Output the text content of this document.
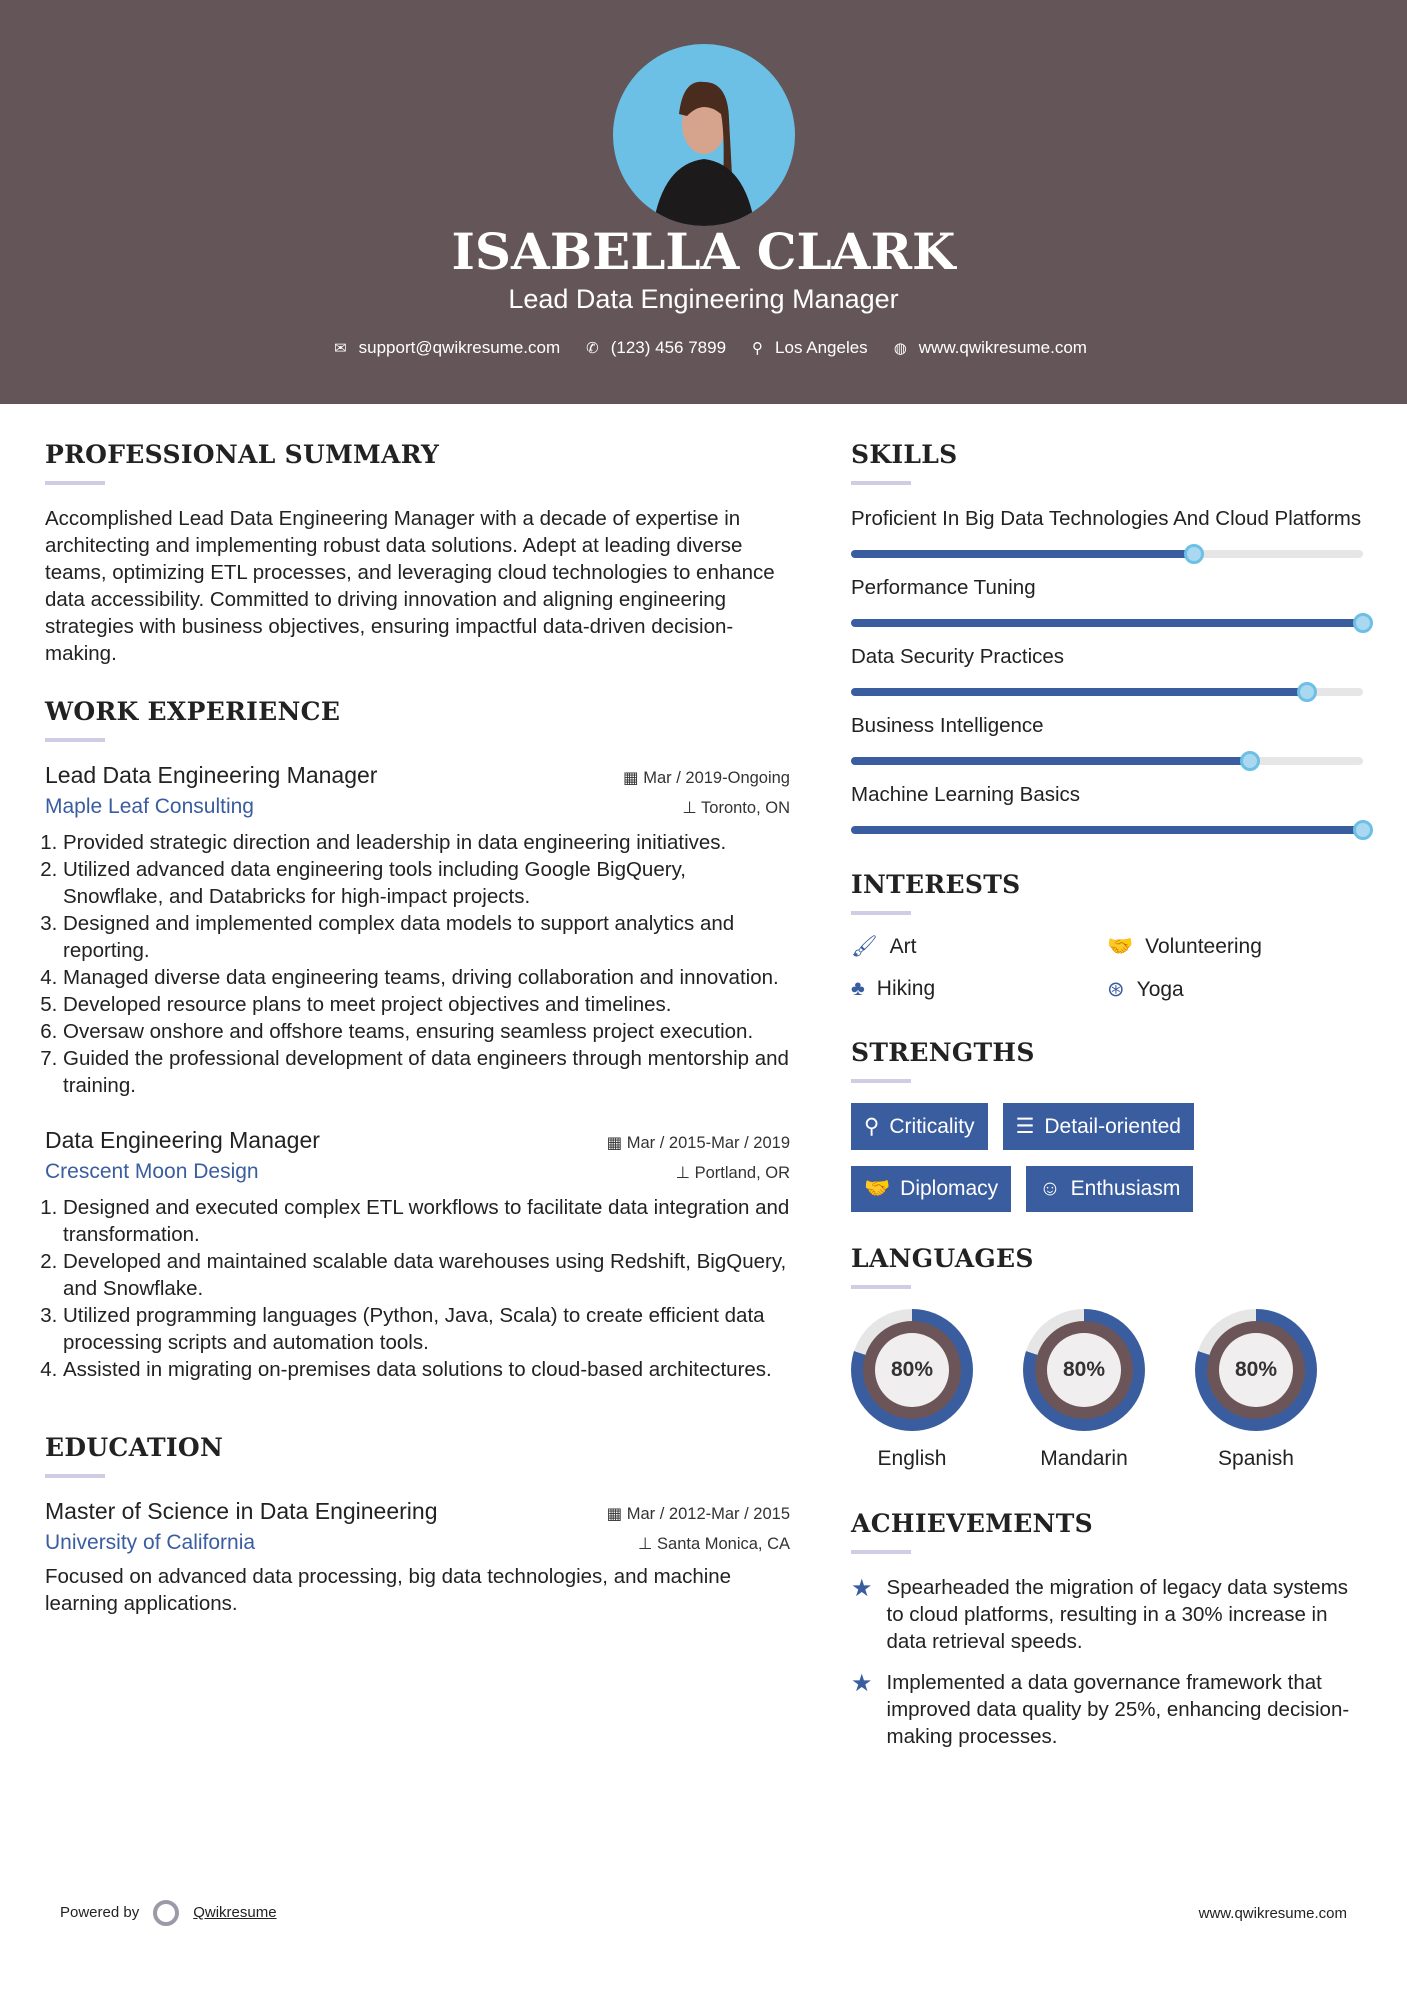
ISABELLA CLARK
Lead Data Engineering Manager
✉ support@qwikresume.com ✆ (123) 456 7899 ⚲ Los Angeles ◍ www.qwikresume.com
PROFESSIONAL SUMMARY

Accomplished Lead Data Engineering Manager with a decade of expertise in architecting and implementing robust data solutions. Adept at leading diverse teams, optimizing ETL processes, and leveraging cloud technologies to enhance data accessibility. Committed to driving innovation and aligning engineering strategies with business objectives, ensuring impactful data-driven decision-making.

WORK EXPERIENCE
Lead Data Engineering Manager	▦ Mar / 2019-Ongoing
Maple Leaf Consulting	⊥ Toronto, ON
1. Provided strategic direction and leadership in data engineering initiatives.
2. Utilized advanced data engineering tools including Google BigQuery, Snowflake, and Databricks for high-impact projects.
3. Designed and implemented complex data models to support analytics and reporting.
4. Managed diverse data engineering teams, driving collaboration and innovation.
5. Developed resource plans to meet project objectives and timelines.
6. Oversaw onshore and offshore teams, ensuring seamless project execution.
7. Guided the professional development of data engineers through mentorship and training.
Data Engineering Manager	▦ Mar / 2015-Mar / 2019
Crescent Moon Design	⊥ Portland, OR
1. Designed and executed complex ETL workflows to facilitate data integration and transformation.
2. Developed and maintained scalable data warehouses using Redshift, BigQuery, and Snowflake.
3. Utilized programming languages (Python, Java, Scala) to create efficient data processing scripts and automation tools.
4. Assisted in migrating on-premises data solutions to cloud-based architectures.
EDUCATION
Master of Science in Data Engineering	▦ Mar / 2012-Mar / 2015
University of California	⊥ Santa Monica, CA

Focused on advanced data processing, big data technologies, and machine learning applications.

SKILLS
Proficient In Big Data Technologies And Cloud Platforms
Performance Tuning
Data Security Practices
Business Intelligence
Machine Learning Basics
INTERESTS
🖌 Art	🤝 Volunteering
♣ Hiking	⊛ Yoga
STRENGTHS
⚲ Criticality ☰ Detail-oriented
🤝 Diplomacy ☺ Enthusiasm
LANGUAGES
80%
English
80%
Mandarin
80%
Spanish
ACHIEVEMENTS
★ Spearheaded the migration of legacy data systems to cloud platforms, resulting in a 30% increase in data retrieval speeds.

★ Implemented a data governance framework that improved data quality by 25%, enhancing decision-making processes.

Powered by	Qwikresume	www.qwikresume.com
